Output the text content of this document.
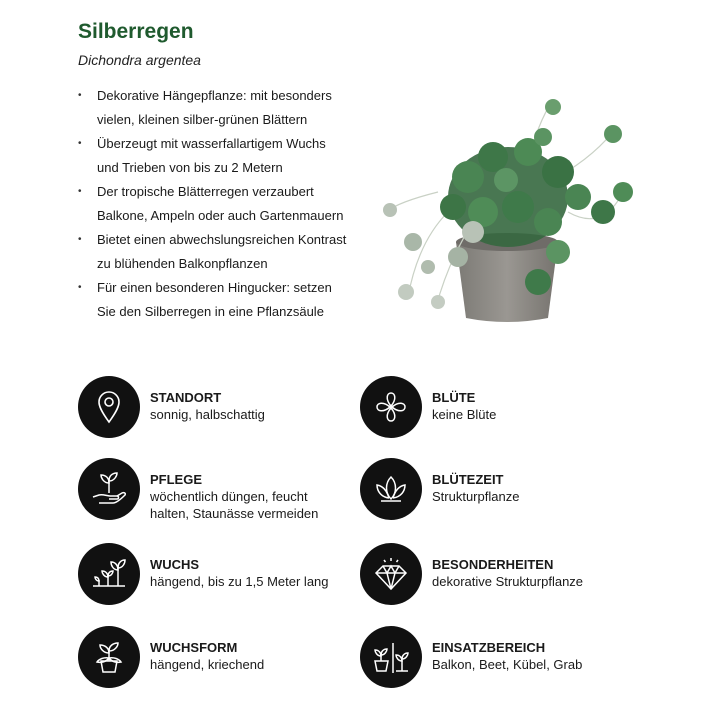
Silberregen

Dichondra argentea

• Dekorative Hängepflanze: mit besonders
vielen, kleinen silber-grünen Blättern
• Überzeugt mit wasserfallartigem Wuchs
und Trieben von bis zu 2 Metern
• Der tropische Blätterregen verzaubert
Balkone, Ampeln oder auch Gartenmauern
• Bietet einen abwechslungsreichen Kontrast
zu blühenden Balkonpflanzen
• Für einen besonderen Hingucker: setzen
Sie den Silberregen in eine Pflanzsäule
STANDORT
sonnig, halbschattig
BLÜTE
keine Blüte
PFLEGE
wöchentlich düngen, feucht
halten, Staunässe vermeiden
BLÜTEZEIT
Strukturpflanze
WUCHS
hängend, bis zu 1,5 Meter lang
BESONDERHEITEN
dekorative Strukturpflanze
WUCHSFORM
hängend, kriechend
EINSATZBEREICH
Balkon, Beet, Kübel, Grab
